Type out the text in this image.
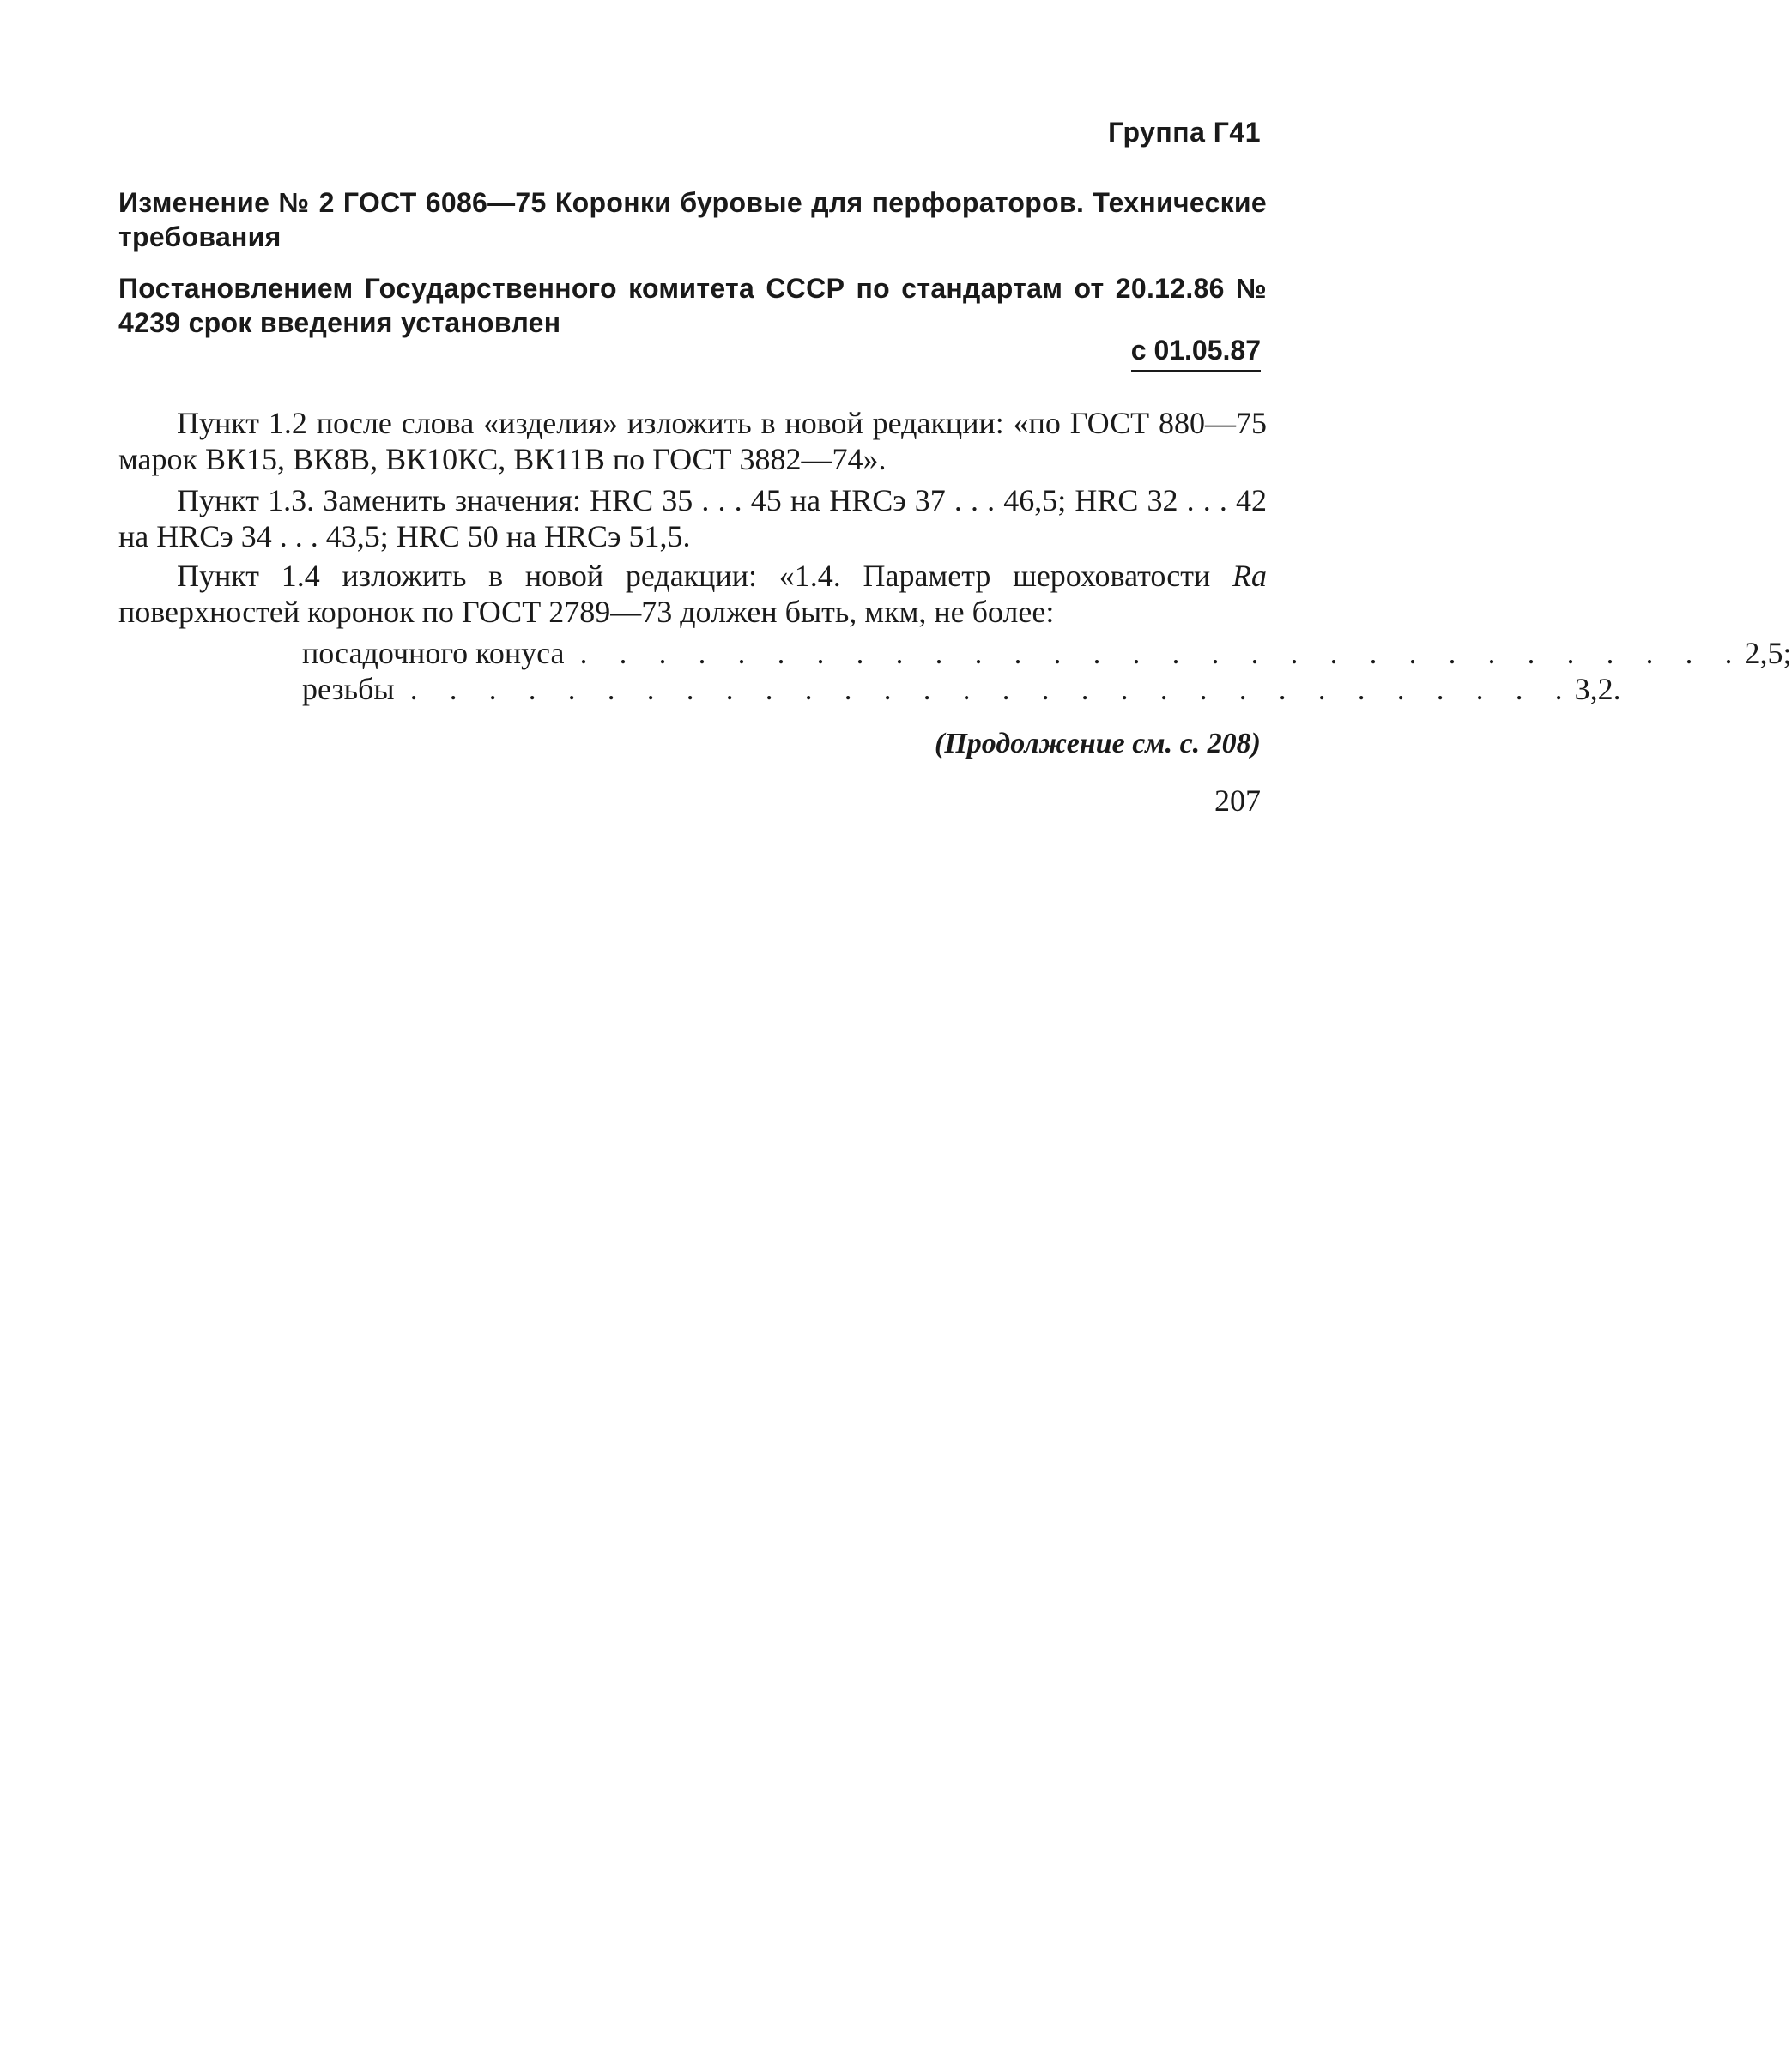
Группа Г41
Изменение № 2 ГОСТ 6086—75 Коронки буровые для перфораторов. Технические требования
Постановлением Государственного комитета СССР по стандартам от 20.12.86 № 4239 срок введения установлен
с 01.05.87

Пункт 1.2 после слова «изделия» изложить в новой редакции: «по ГОСТ 880—75 марок ВК15, ВК8В, ВК10КС, ВК11В по ГОСТ 3882—74».

Пункт 1.3. Заменить значения: HRC 35 . . . 45 на HRCэ 37 . . . 46,5; HRC 32 . . . 42 на HRCэ 34 . . . 43,5; HRC 50 на HRCэ 51,5.

Пункт 1.4 изложить в новой редакции: «1.4. Параметр шероховатости Ra поверхностей коронок по ГОСТ 2789—73 должен быть, мкм, не более:

посадочного конуса . . . . . . . . . . . . . . . . . . . . . . . . . . . . . . 2,5;
резьбы . . . . . . . . . . . . . . . . . . . . . . . . . . . . . . 3,2.
(Продолжение см. с. 208)
207
